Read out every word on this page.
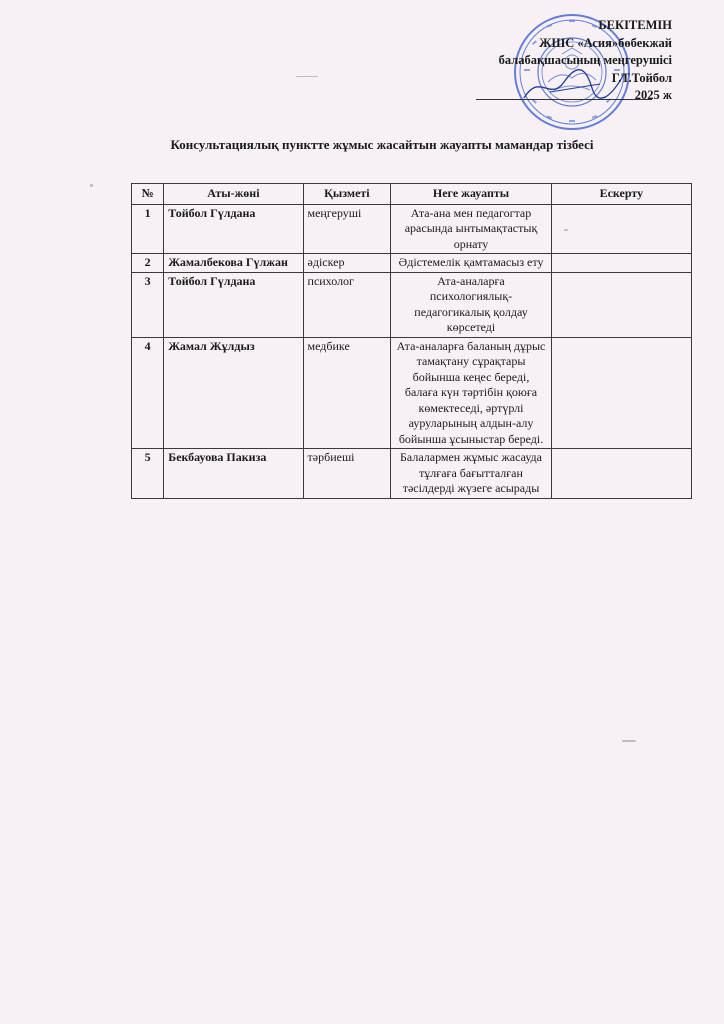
БЕКІТЕМІН
ЖШС «Асия»бөбекжай
балабақшасының меңгерушісі
Г.Т.Тойбол
2025 ж
Консультациялық пунктте жұмыс жасайтын жауапты мамандар тізбесі
№	Аты-жөні	Қызметі	Неге жауапты	Ескерту
1	Тойбол Гүлдана	меңгеруші	Ата-ана мен педагогтар арасында ынтымақтастық орнату	
2	Жамалбекова Гүлжан	әдіскер	Әдістемелік қамтамасыз ету	
3	Тойбол Гүлдана	психолог	Ата-аналарға психологиялық-педагогикалық қолдау көрсетеді	
4	Жамал Жұлдыз	медбике	Ата-аналарға баланың дұрыс тамақтану сұрақтары бойынша кеңес береді, балаға күн тәртібін қоюға көмектеседі, әртүрлі ауруларының алдын-алу бойынша ұсыныстар береді.	
5	Бекбауова Пакиза	тәрбиеші	Балалармен жұмыс жасауда тұлғаға бағытталған тәсілдерді жүзеге асырады	
